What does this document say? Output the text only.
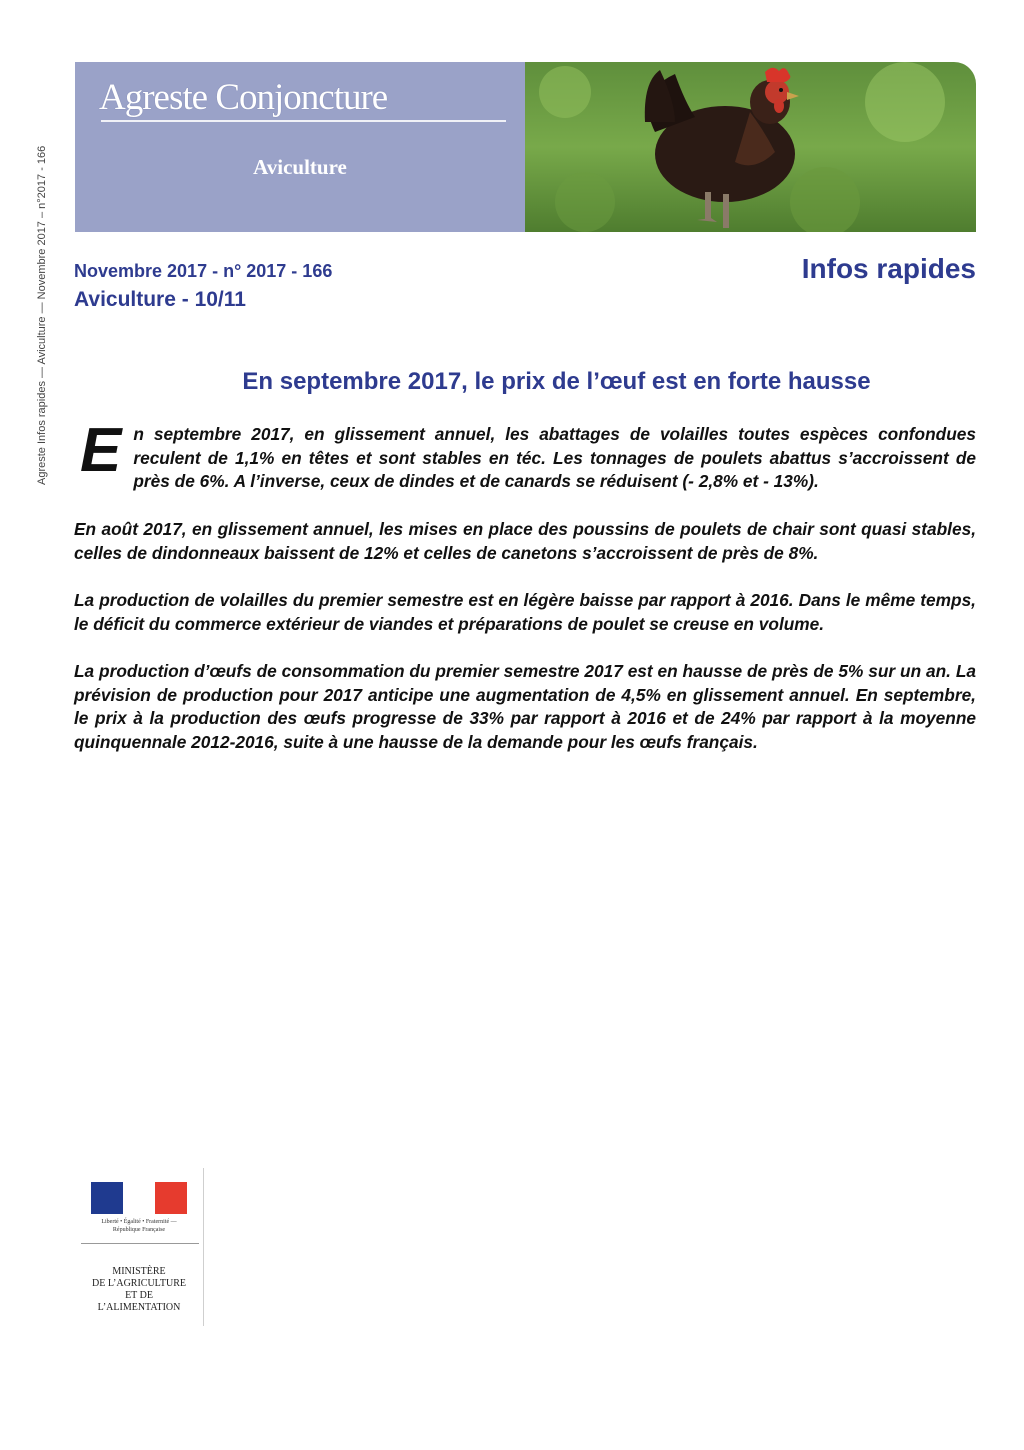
Agreste Infos rapides — Aviculture — Novembre 2017 – n°2017 - 166
Agreste Conjoncture
Aviculture
Novembre 2017 - n° 2017 - 166
Aviculture - 10/11
Infos rapides
En septembre 2017, le prix de l’œuf est en forte hausse

E n septembre 2017, en glissement annuel, les abattages de volailles toutes espèces confondues reculent de 1,1% en têtes et sont stables en téc. Les tonnages de poulets abattus s’accroissent de près de 6%. A l’inverse, ceux de dindes et de canards se réduisent (- 2,8% et - 13%).

En août 2017, en glissement annuel, les mises en place des poussins de poulets de chair sont quasi stables, celles de dindonneaux baissent de 12% et celles de canetons s’accroissent de près de 8%.

La production de volailles du premier semestre est en légère baisse par rapport à 2016. Dans le même temps, le déficit du commerce extérieur de viandes et préparations de poulet se creuse en volume.

La production d’œufs de consommation du premier semestre 2017 est en hausse de près de 5% sur un an. La prévision de production pour 2017 anticipe une augmentation de 4,5% en glissement annuel. En septembre, le prix à la production des œufs progresse de 33% par rapport à 2016 et de 24% par rapport à la moyenne quinquennale 2012-2016, suite à une hausse de la demande pour les œufs français.

Liberté • Égalité • Fraternité — République Française
MINISTÈRE
DE L’AGRICULTURE
ET DE
L’ALIMENTATION
